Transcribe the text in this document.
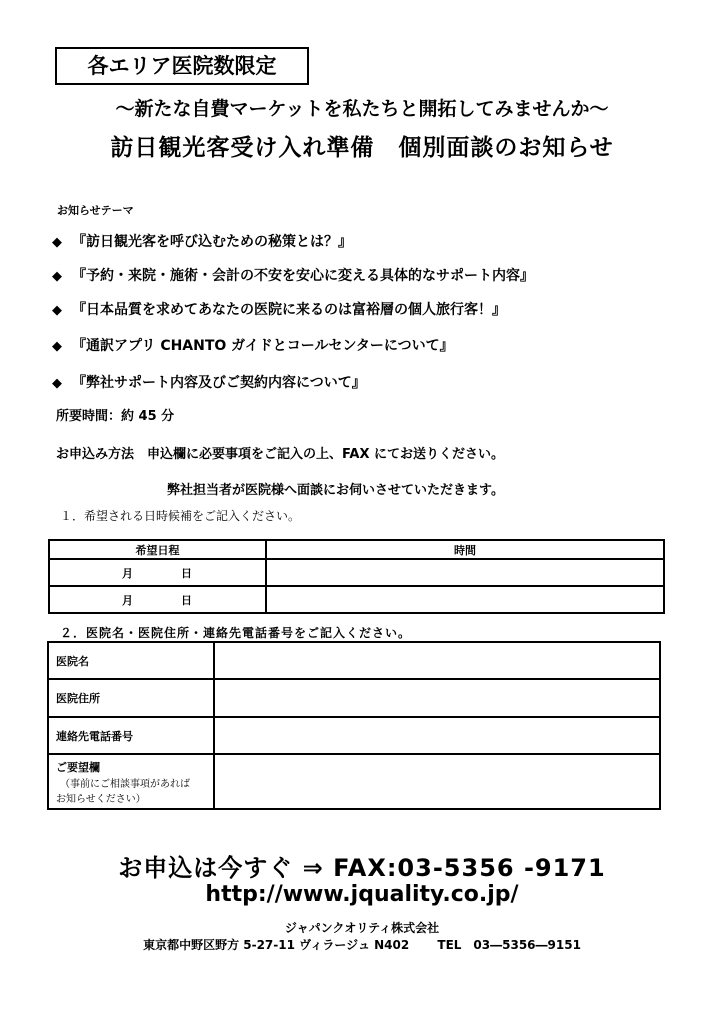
各エリア医院数限定
～新たな自費マーケットを私たちと開拓してみませんか～
訪日観光客受け入れ準備　個別面談のお知らせ
お知らせテーマ
◆ 『訪日観光客を呼び込むための秘策とは？』
◆ 『予約・来院・施術・会計の不安を安心に変える具体的なサポート内容』
◆ 『日本品質を求めてあなたの医院に来るのは富裕層の個人旅行客！』
◆ 『通訳アプリ CHANTO ガイドとコールセンターについて』
◆ 『弊社サポート内容及びご契約内容について』
所要時間：約 45 分
お申込み方法　申込欄に必要事項をご記入の上、FAX にてお送りください。
弊社担当者が医院様へ面談にお伺いさせていただきます。
１．希望される日時候補をご記入ください。
希望日程	時間

月 日	

月 日	

２．医院名・医院住所・連絡先電話番号をご記入ください。
医院名	
医院住所	
連絡先電話番号	

ご要望欄
（事前にご相談事項があれば
お知らせください）	

お申込は今すぐ ⇒ FAX:03-5356 -9171
http://www.jquality.co.jp/
ジャパンクオリティ株式会社
東京都中野区野方 5-27-11 ヴィラージュ N402　　 TEL　03―5356―9151
